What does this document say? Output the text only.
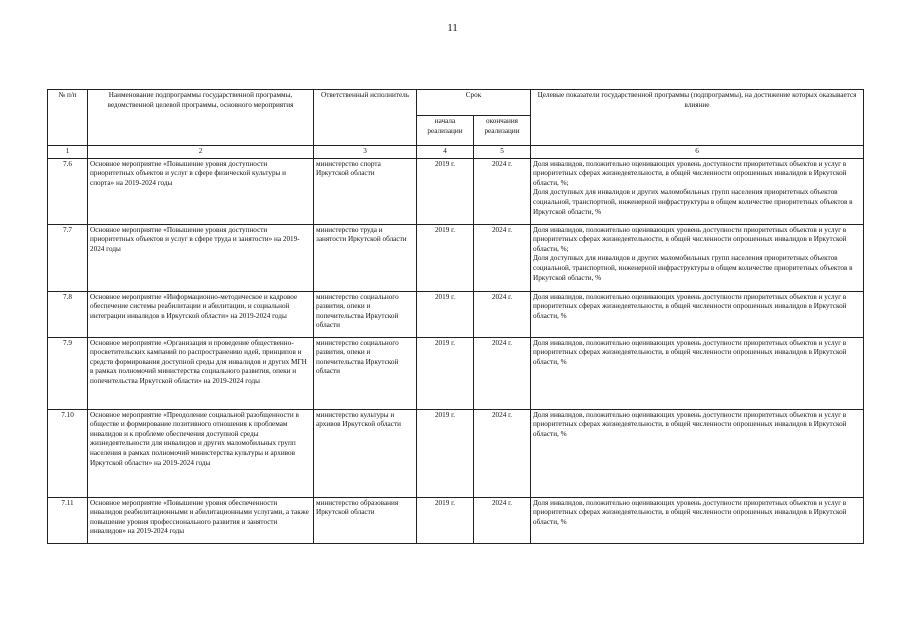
11
№ п/п	Наименование подпрограммы государственной программы, ведомственной целевой программы, основного мероприятия	Ответственный исполнитель	Срок		Целевые показатели государственной программы (подпрограммы), на достижение которых оказывается влияние
			начала реализации	окончания реализации	
1	2	3	4	5	6
7.6	Основное мероприятие «Повышение уровня доступности приоритетных объектов и услуг в сфере физической культуры и спорта» на 2019-2024 годы	министерство спорта Иркутской области	2019 г.	2024 г.	Доля инвалидов, положительно оценивающих уровень доступности приоритетных объектов и услуг в приоритетных сферах жизнедеятельности, в общей численности опрошенных инвалидов в Иркутской области, %;
Доля доступных для инвалидов и других маломобильных групп населения приоритетных объектов социальной, транспортной, инженерной инфраструктуры в общем количестве приоритетных объектов в Иркутской области, %
7.7	Основное мероприятие «Повышение уровня доступности приоритетных объектов и услуг в сфере труда и занятости» на 2019-2024 годы	министерство труда и занятости Иркутской области	2019 г.	2024 г.	Доля инвалидов, положительно оценивающих уровень доступности приоритетных объектов и услуг в приоритетных сферах жизнедеятельности, в общей численности опрошенных инвалидов в Иркутской области, %;
Доля доступных для инвалидов и других маломобильных групп населения приоритетных объектов социальной, транспортной, инженерной инфраструктуры в общем количестве приоритетных объектов в Иркутской области, %
7.8	Основное мероприятие «Информационно-методическое и кадровое обеспечение системы реабилитации и абилитации, и социальной интеграции инвалидов в Иркутской области» на 2019-2024 годы	министерство социального развития, опеки и попечительства Иркутской области	2019 г.	2024 г.	Доля инвалидов, положительно оценивающих уровень доступности приоритетных объектов и услуг в приоритетных сферах жизнедеятельности, в общей численности опрошенных инвалидов в Иркутской области, %
7.9	Основное мероприятие «Организация и проведение общественно-просветительских кампаний по распространению идей, принципов и средств формирования доступной среды для инвалидов и других МГН в рамках полномочий министерства социального развития, опеки и попечительства Иркутской области» на 2019-2024 годы	министерство социального развития, опеки и попечительства Иркутской области	2019 г.	2024 г.	Доля инвалидов, положительно оценивающих уровень доступности приоритетных объектов и услуг в приоритетных сферах жизнедеятельности, в общей численности опрошенных инвалидов в Иркутской области, %
7.10	Основное мероприятие «Преодоление социальной разобщенности в обществе и формирование позитивного отношения к проблемам инвалидов и к проблеме обеспечения доступной среды жизнедеятельности для инвалидов и других маломобильных групп населения в рамках полномочий министерства культуры и архивов Иркутской области» на 2019-2024 годы	министерство культуры и архивов Иркутской области	2019 г.	2024 г.	Доля инвалидов, положительно оценивающих уровень доступности приоритетных объектов и услуг в приоритетных сферах жизнедеятельности, в общей численности опрошенных инвалидов в Иркутской области, %
7.11	Основное мероприятие «Повышение уровня обеспеченности инвалидов реабилитационными и абилитационными услугами, а также повышение уровня профессионального развития и занятости инвалидов» на 2019-2024 годы	министерство образования Иркутской области	2019 г.	2024 г.	Доля инвалидов, положительно оценивающих уровень доступности приоритетных объектов и услуг в приоритетных сферах жизнедеятельности, в общей численности опрошенных инвалидов в Иркутской области, %
